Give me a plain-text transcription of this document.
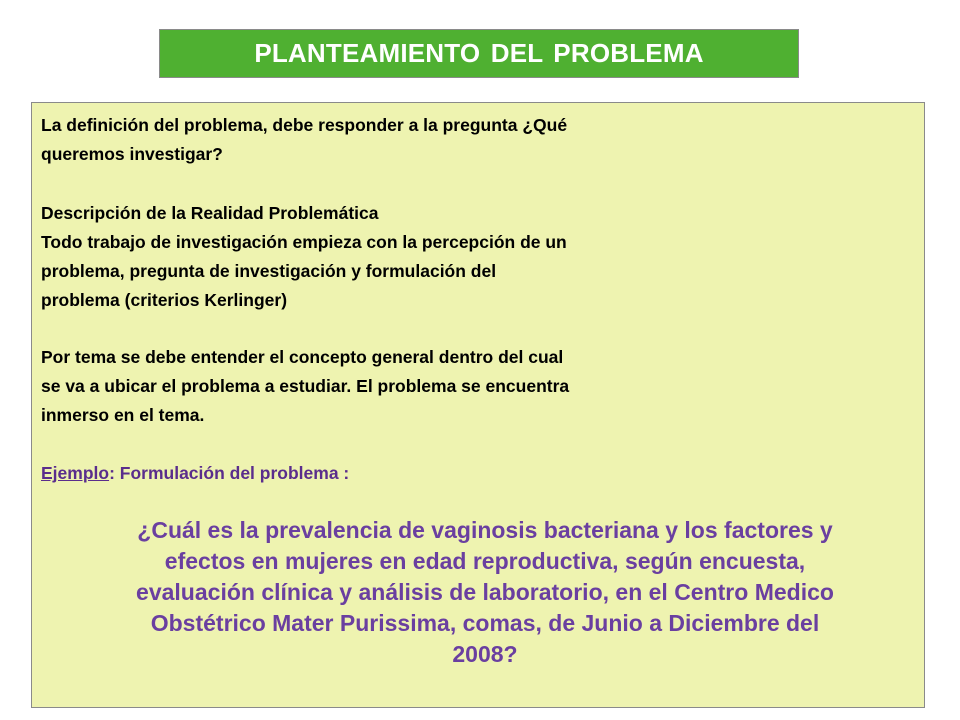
PLANTEAMIENTO DEL PROBLEMA

La definición del problema, debe responder a la pregunta ¿Qué
queremos investigar?

Descripción de la Realidad Problemática
Todo trabajo de investigación empieza con la percepción de un
problema, pregunta de investigación y formulación del
problema (criterios Kerlinger)

Por tema se debe entender el concepto general dentro del cual
se va a ubicar el problema a estudiar. El problema se encuentra
inmerso en el tema.

Ejemplo: Formulación del problema :

¿Cuál es la prevalencia de vaginosis bacteriana y los factores y
efectos en mujeres en edad reproductiva, según encuesta,
evaluación clínica y análisis de laboratorio, en el Centro Medico
Obstétrico Mater Purissima, comas, de Junio a Diciembre del
2008?
